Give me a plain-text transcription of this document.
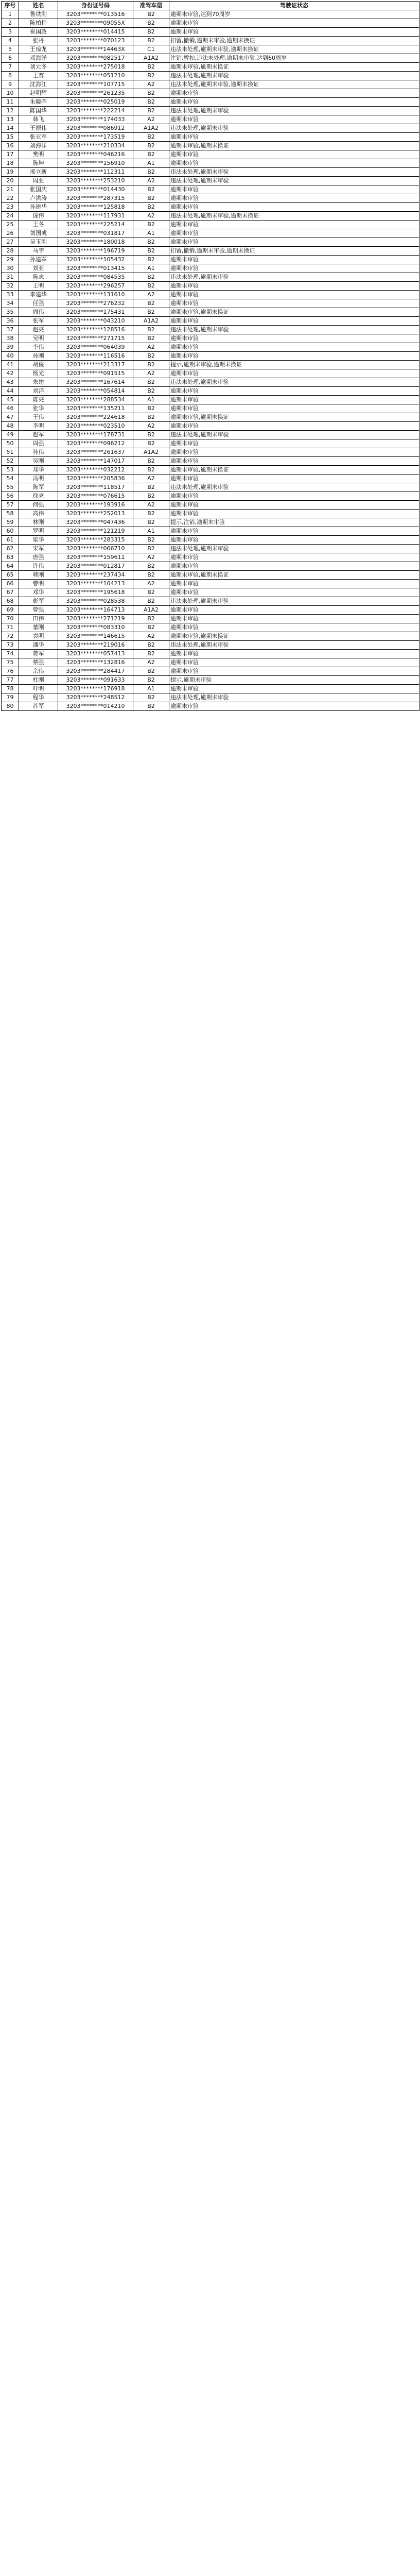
序号	姓名	身份证号码	准驾车型	驾驶证状态
1	鲁铁刚	3203********013516	B2	逾期未审验,达到70周岁
2	陈柏程	3203********09055X	B2	逾期未审验
3	崔国政	3203********014415	B2	逾期未审验
4	张丹	3203********070123	B2	扣留,撤销,逾期未审验,逾期未换证
5	王琼龙	3203********14463X	C1	违法未处理,逾期未审验,逾期未换证
6	邓海洋	3203********082517	A1A2	注销,暂扣,违法未处理,逾期未审验,达到60周岁
7	刘元冬	3203********275018	B2	逾期未审验,逾期未换证
8	王赛	3203********051210	B2	违法未处理,逾期未审验
9	沈海江	3203********107715	A2	违法未处理,逾期未审验,逾期未换证
10	赵明辉	3203********261235	B2	逾期未审验
11	朱晓晖	3203********025019	B2	逾期未审验
12	陈国华	3203********222214	B2	违法未处理,逾期未审验
13	韩飞	3203********174033	A2	逾期未审验
14	王振伟	3203********086912	A1A2	违法未处理,逾期未审验
15	张亚军	3203********173519	B2	逾期未审验
16	刘海洋	3203********210334	B2	逾期未审验,逾期未换证
17	樊明	3203********046216	B2	逾期未审验
18	陈坤	3203********156910	A1	逾期未审验
19	邢立新	3203********112311	B2	违法未处理,逾期未审验
20	周亚	3203********253210	A2	违法未处理,逾期未审验
21	张国庆	3203********014430	B2	逾期未审验
22	卢洪涛	3203********287315	B2	逾期未审验
23	孙建华	3203********125818	B2	逾期未审验
24	庞伟	3203********117931	A2	违法未处理,逾期未审验,逾期未换证
25	王冬	3203********225214	B2	逾期未审验
26	刘国成	3203********031817	A1	逾期未审验
27	吴玉刚	3203********180018	B2	逾期未审验
28	马宇	3203********196719	B2	扣留,撤销,逾期未审验,逾期未换证
29	孙建军	3203********105432	B2	逾期未审验
30	刘亚	3203********013415	A1	逾期未审验
31	陈志	3203********084535	B2	违法未处理,逾期未审验
32	王明	3203********296257	B2	逾期未审验
33	李建华	3203********131610	A2	逾期未审验
34	任强	3203********276232	B2	逾期未审验
35	周伟	3203********175431	B2	逾期未审验,逾期未换证
36	张军	3203********043210	A1A2	逾期未审验
37	赵亮	3203********128516	B2	违法未处理,逾期未审验
38	吴明	3203********271715	B2	逾期未审验
39	李伟	3203********064039	A2	逾期未审验
40	孙刚	3203********116516	B2	逾期未审验
41	胡俊	3203********213317	B2	提示,逾期未审验,逾期未换证
42	杨光	3203********091515	A2	逾期未审验
43	朱建	3203********167614	B2	违法未处理,逾期未审验
44	刘洋	3203********054814	B2	逾期未审验
45	陈亮	3203********288534	A1	逾期未审验
46	张华	3203********135211	B2	逾期未审验
47	王伟	3203********224618	B2	逾期未审验,逾期未换证
48	李明	3203********023510	A2	逾期未审验
49	赵军	3203********178731	B2	违法未处理,逾期未审验
50	周强	3203********096212	B2	逾期未审验
51	孙伟	3203********261637	A1A2	逾期未审验
52	吴刚	3203********147017	B2	逾期未审验
53	郑华	3203********032212	B2	逾期未审验,逾期未换证
54	冯明	3203********205836	A2	逾期未审验
55	陈军	3203********118517	B2	违法未处理,逾期未审验
56	徐亮	3203********076615	B2	逾期未审验
57	何强	3203********193916	A2	逾期未审验
58	高伟	3203********252013	B2	逾期未审验
59	林刚	3203********047436	B2	提示,注销,逾期未审验
60	罗明	3203********121219	A1	逾期未审验
61	梁华	3203********283315	B2	逾期未审验
62	宋军	3203********066710	B2	违法未处理,逾期未审验
63	唐强	3203********159611	A2	逾期未审验
64	许伟	3203********012817	B2	逾期未审验
65	韩刚	3203********237434	B2	逾期未审验,逾期未换证
66	曹明	3203********104213	A2	逾期未审验
67	邓华	3203********195618	B2	逾期未审验
68	彭军	3203********028538	B2	违法未处理,逾期未审验
69	曾强	3203********164713	A1A2	逾期未审验
70	田伟	3203********271219	B2	逾期未审验
71	董刚	3203********083310	B2	逾期未审验
72	袁明	3203********146615	A2	逾期未审验,逾期未换证
73	潘华	3203********219016	B2	违法未处理,逾期未审验
74	蒋军	3203********057413	B2	逾期未审验
75	蔡强	3203********132816	A2	逾期未审验
76	余伟	3203********284417	B2	逾期未审验
77	杜刚	3203********091633	B2	提示,逾期未审验
78	叶明	3203********176918	A1	逾期未审验
79	程华	3203********248512	B2	违法未处理,逾期未审验
80	苏军	3203********014210	B2	逾期未审验
